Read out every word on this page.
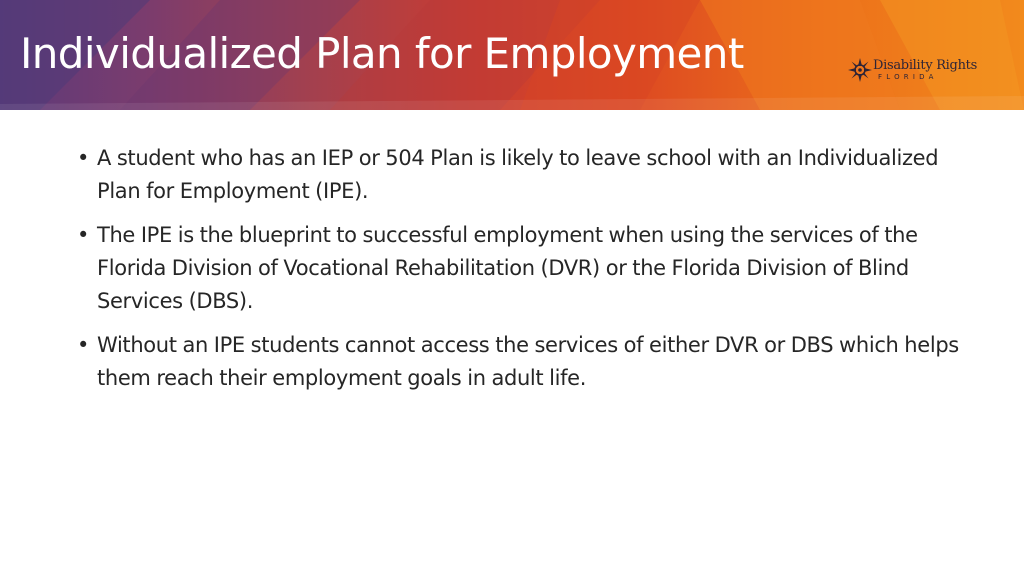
Individualized Plan for Employment	Disability Rights
FLORIDA
• A student who has an IEP or 504 Plan is likely to leave school with an Individualized Plan for Employment (IPE).
• The IPE is the blueprint to successful employment when using the services of the Florida Division of Vocational Rehabilitation (DVR) or the Florida Division of Blind Services (DBS).
• Without an IPE students cannot access the services of either DVR or DBS which helps them reach their employment goals in adult life.
